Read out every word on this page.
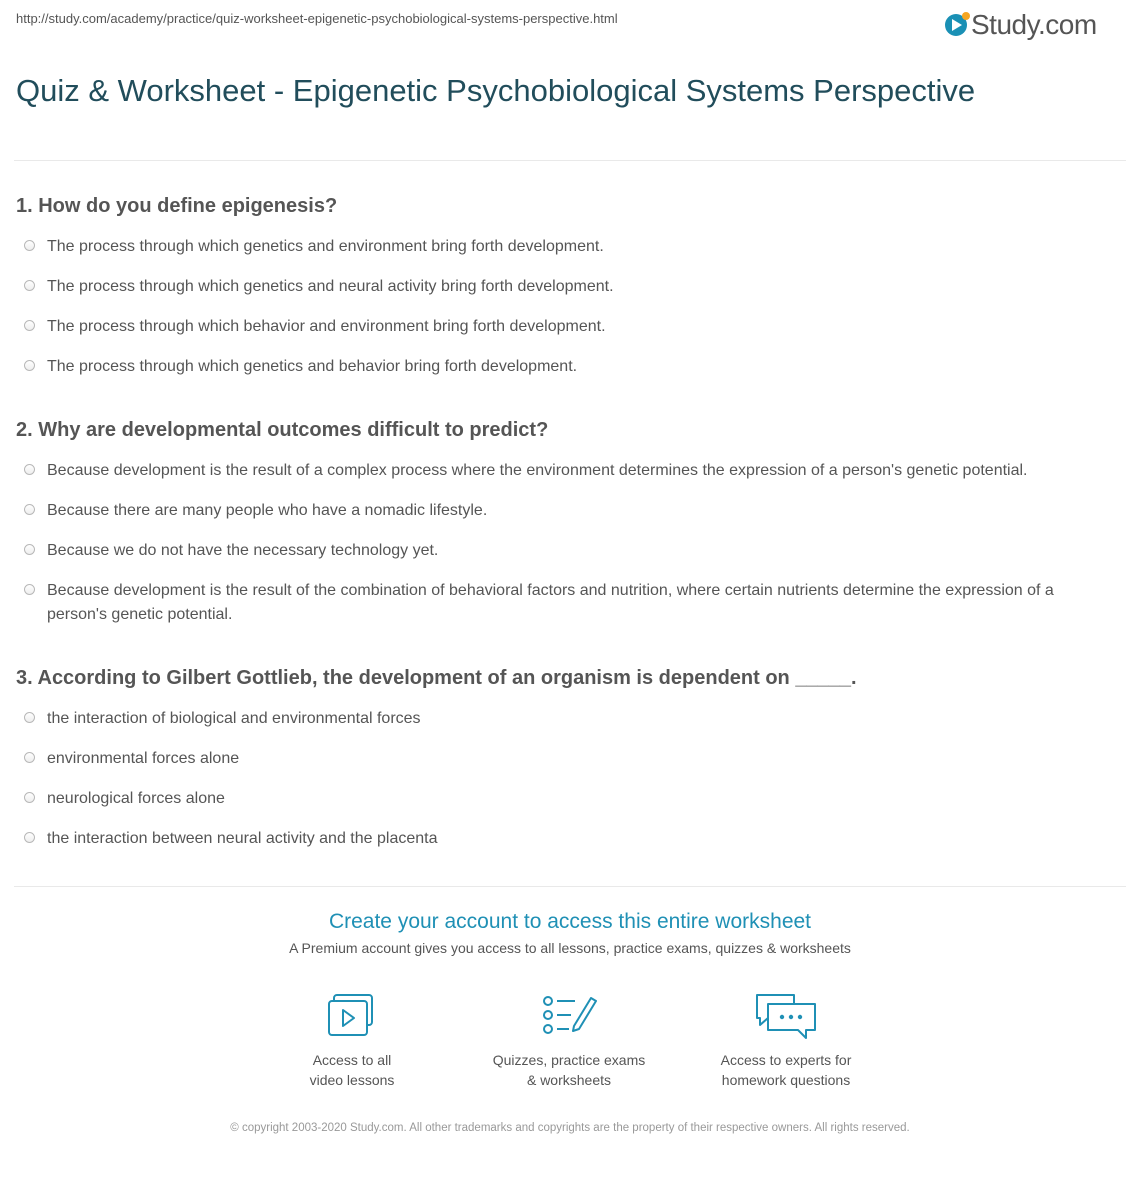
http://study.com/academy/practice/quiz-worksheet-epigenetic-psychobiological-systems-perspective.html	Study.com
Quiz & Worksheet - Epigenetic Psychobiological Systems Perspective
1. How do you define epigenesis?
The process through which genetics and environment bring forth development.
The process through which genetics and neural activity bring forth development.
The process through which behavior and environment bring forth development.
The process through which genetics and behavior bring forth development.
2. Why are developmental outcomes difficult to predict?
Because development is the result of a complex process where the environment determines the expression of a person's genetic potential.
Because there are many people who have a nomadic lifestyle.
Because we do not have the necessary technology yet.
Because development is the result of the combination of behavioral factors and nutrition, where certain nutrients determine the expression of a person's genetic potential.
3. According to Gilbert Gottlieb, the development of an organism is dependent on _____.
the interaction of biological and environmental forces
environmental forces alone
neurological forces alone
the interaction between neural activity and the placenta
Create your account to access this entire worksheet
A Premium account gives you access to all lessons, practice exams, quizzes & worksheets
Access to all
video lessons
Quizzes, practice exams
& worksheets
Access to experts for
homework questions
© copyright 2003-2020 Study.com. All other trademarks and copyrights are the property of their respective owners. All rights reserved.
